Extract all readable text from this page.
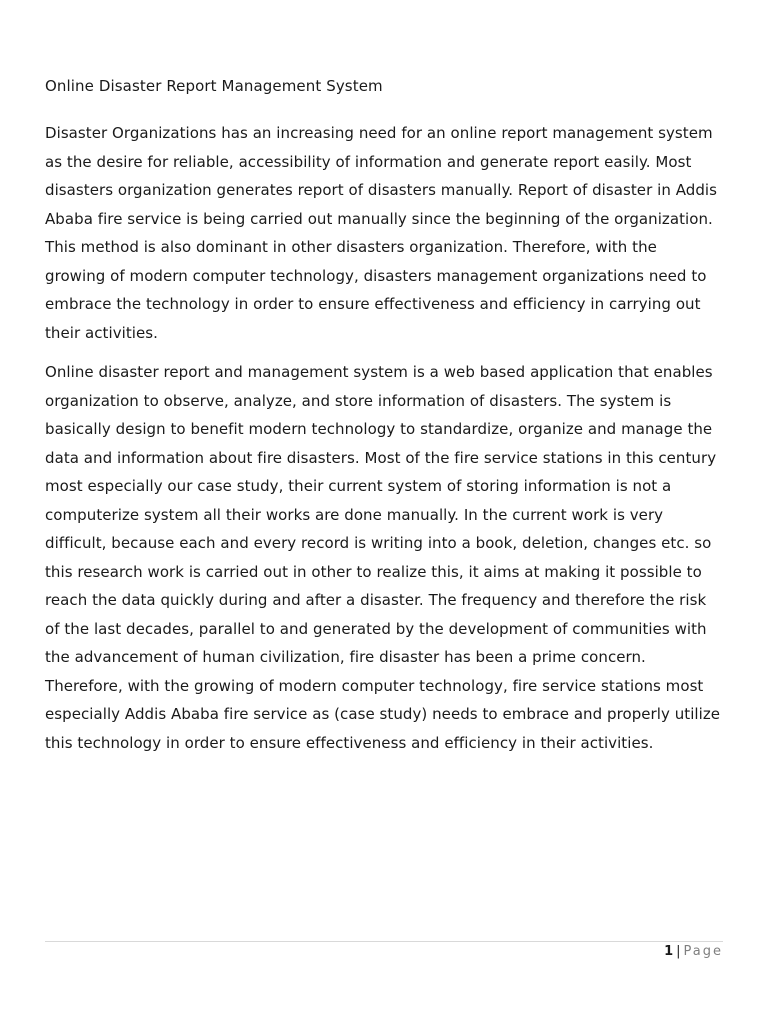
Online Disaster Report Management System

Disaster Organizations has an increasing need for an online report management system
as the desire for reliable, accessibility of information and generate report easily. Most
disasters organization generates report of disasters manually. Report of disaster in Addis
Ababa fire service is being carried out manually since the beginning of the organization.
This method is also dominant in other disasters organization. Therefore, with the
growing of modern computer technology, disasters management organizations need to
embrace the technology in order to ensure effectiveness and efficiency in carrying out
their activities.

Online disaster report and management system is a web based application that enables
organization to observe, analyze, and store information of disasters. The system is
basically design to benefit modern technology to standardize, organize and manage the
data and information about fire disasters. Most of the fire service stations in this century
most especially our case study, their current system of storing information is not a
computerize system all their works are done manually. In the current work is very
difficult, because each and every record is writing into a book, deletion, changes etc. so
this research work is carried out in other to realize this, it aims at making it possible to
reach the data quickly during and after a disaster. The frequency and therefore the risk
of the last decades, parallel to and generated by the development of communities with
the advancement of human civilization, fire disaster has been a prime concern.
Therefore, with the growing of modern computer technology, fire service stations most
especially Addis Ababa fire service as (case study) needs to embrace and properly utilize
this technology in order to ensure effectiveness and efficiency in their activities.

1 | Page
